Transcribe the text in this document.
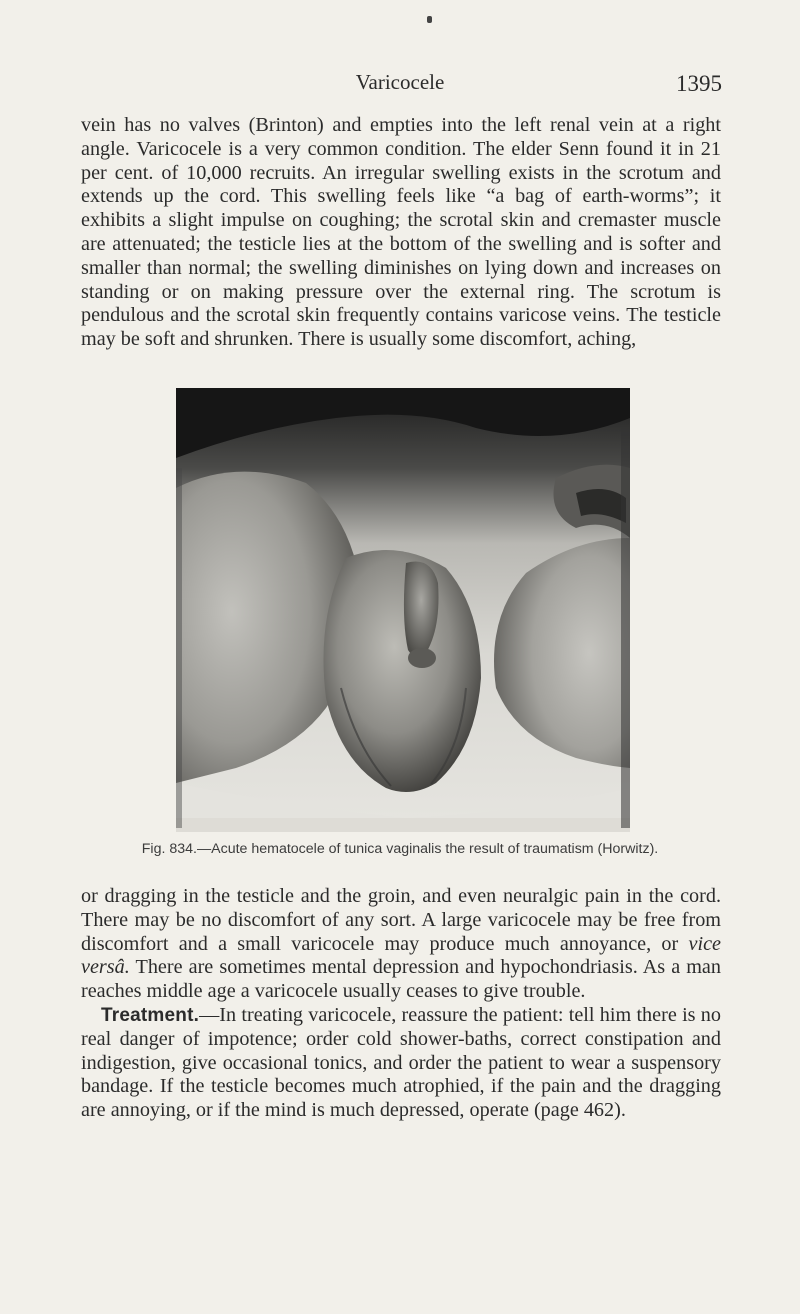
Varicocele	1395

vein has no valves (Brinton) and empties into the left renal vein at a right angle. Varicocele is a very common condition. The elder Senn found it in 21 per cent. of 10,000 recruits. An irregular swelling exists in the scrotum and extends up the cord. This swelling feels like “a bag of earth-worms”; it exhibits a slight impulse on coughing; the scrotal skin and cremaster muscle are attenuated; the testicle lies at the bottom of the swelling and is softer and smaller than normal; the swelling diminishes on lying down and increases on standing or on making pressure over the external ring. The scrotum is pendulous and the scrotal skin frequently contains varicose veins. The testicle may be soft and shrunken. There is usually some discomfort, aching,

Fig. 834.—Acute hematocele of tunica vaginalis the result of traumatism (Horwitz).

or dragging in the testicle and the groin, and even neuralgic pain in the cord. There may be no discomfort of any sort. A large varicocele may be free from discomfort and a small varicocele may produce much annoyance, or vice versâ. There are sometimes mental depression and hypochondriasis. As a man reaches middle age a varicocele usually ceases to give trouble.

Treatment.—In treating varicocele, reassure the patient: tell him there is no real danger of impotence; order cold shower-baths, correct constipation and indigestion, give occasional tonics, and order the patient to wear a suspensory bandage. If the testicle becomes much atrophied, if the pain and the dragging are annoying, or if the mind is much depressed, operate (page 462).
